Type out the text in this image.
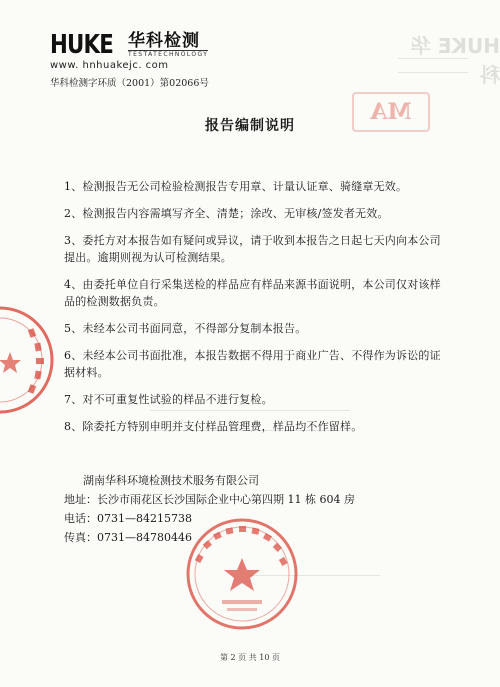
HUKE 华科检测
TESTATECHNOLOGY
www. hnhuakejc. com
华科检测字环质（2001）第02066号
HUKE 华科
MA
报告编制说明
1、检测报告无公司检验检测报告专用章、计量认证章、骑缝章无效。
2、检测报告内容需填写齐全、清楚；涂改、无审核/签发者无效。
3、委托方对本报告如有疑问或异议，请于收到本报告之日起七天内向本公司提出。逾期则视为认可检测结果。
4、由委托单位自行采集送检的样品应有样品来源书面说明，本公司仅对该样品的检测数据负责。
5、未经本公司书面同意，不得部分复制本报告。
6、未经本公司书面批准，本报告数据不得用于商业广告、不得作为诉讼的证据材料。
7、对不可重复性试验的样品不进行复检。
8、除委托方特别申明并支付样品管理费，样品均不作留样。
湖南华科环境检测技术服务有限公司
地址：长沙市雨花区长沙国际企业中心第四期 11 栋 604 房
电话：0731—84215738
传真：0731—84780446
第 2 页 共 10 页
